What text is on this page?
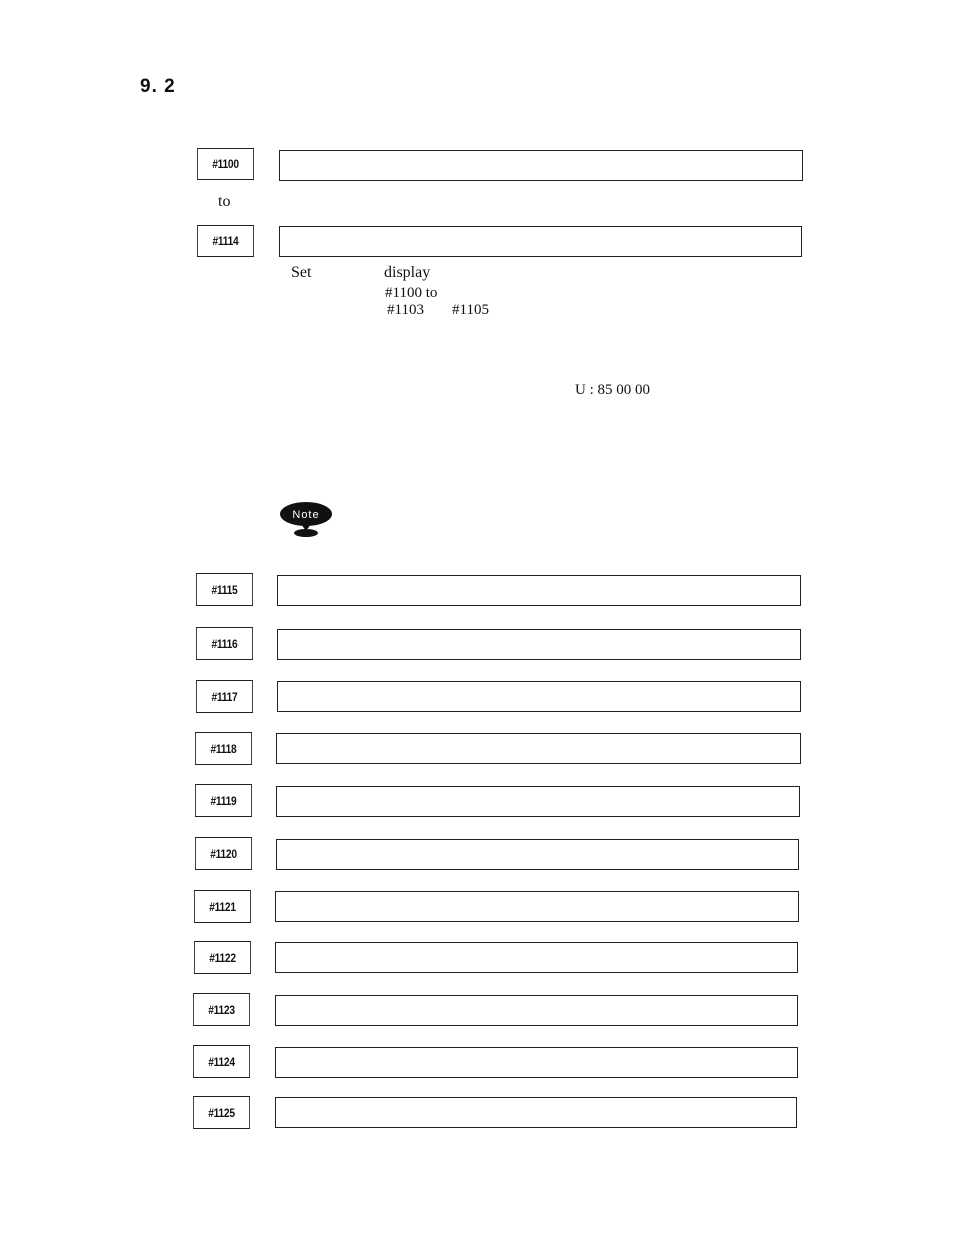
9. 2
#1100
to
#1114
Set	display
#1100 to
#1103 #1105
U : 85 00 00
Note
#1115
#1116
#1117
#1118
#1119
#1120
#1121
#1122
#1123
#1124
#1125
